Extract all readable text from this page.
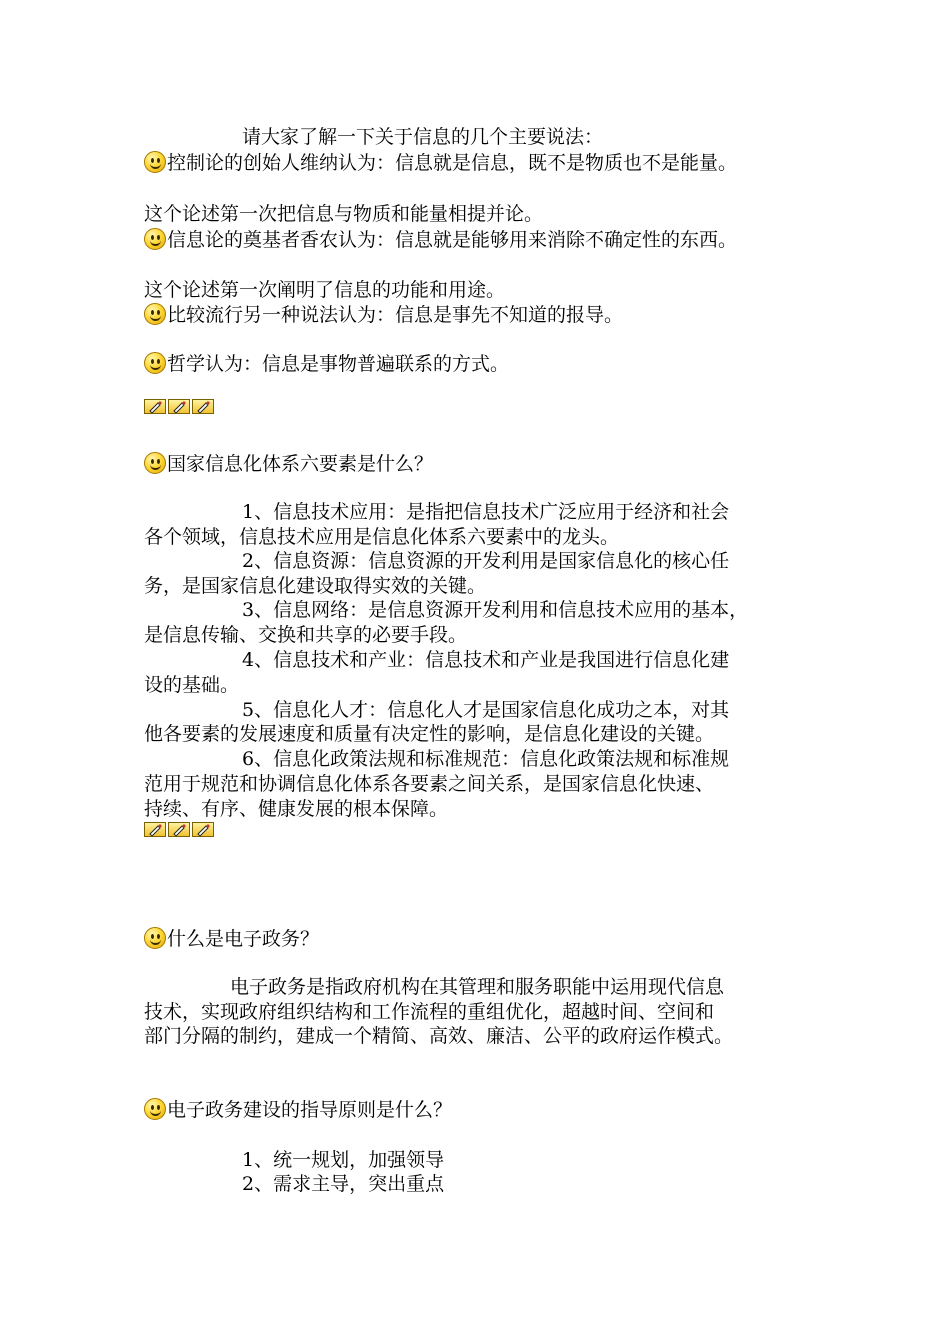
请大家了解一下关于信息的几个主要说法：
控制论的创始人维纳认为：信息就是信息，既不是物质也不是能量。
这个论述第一次把信息与物质和能量相提并论。
信息论的奠基者香农认为：信息就是能够用来消除不确定性的东西。
这个论述第一次阐明了信息的功能和用途。
比较流行另一种说法认为：信息是事先不知道的报导。
哲学认为：信息是事物普遍联系的方式。
国家信息化体系六要素是什么？
1、信息技术应用：是指把信息技术广泛应用于经济和社会
各个领域，信息技术应用是信息化体系六要素中的龙头。
2、信息资源：信息资源的开发利用是国家信息化的核心任
务，是国家信息化建设取得实效的关键。
3、信息网络：是信息资源开发利用和信息技术应用的基本，
是信息传输、交换和共享的必要手段。
4、信息技术和产业：信息技术和产业是我国进行信息化建
设的基础。
5、信息化人才：信息化人才是国家信息化成功之本，对其
他各要素的发展速度和质量有决定性的影响，是信息化建设的关键。
6、信息化政策法规和标准规范：信息化政策法规和标准规
范用于规范和协调信息化体系各要素之间关系，是国家信息化快速、
持续、有序、健康发展的根本保障。
什么是电子政务？
电子政务是指政府机构在其管理和服务职能中运用现代信息
技术，实现政府组织结构和工作流程的重组优化，超越时间、空间和
部门分隔的制约，建成一个精简、高效、廉洁、公平的政府运作模式。
电子政务建设的指导原则是什么？
1、统一规划，加强领导
2、需求主导，突出重点
